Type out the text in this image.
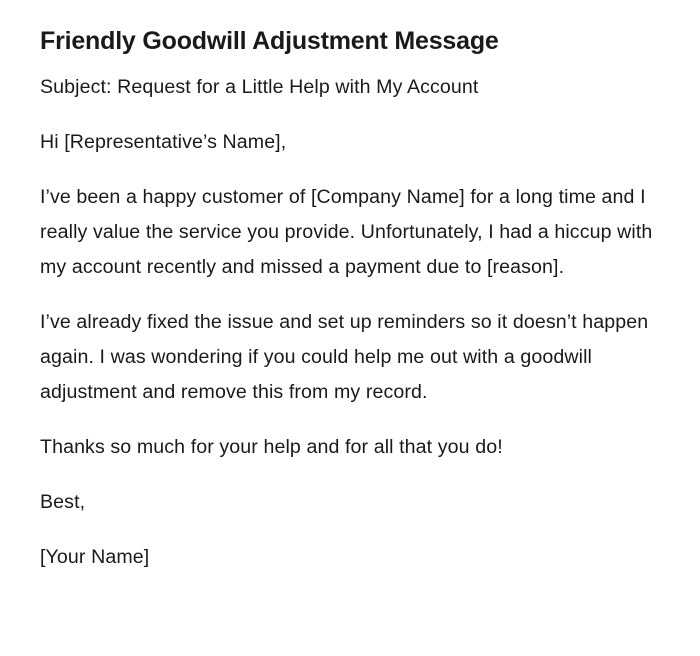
Friendly Goodwill Adjustment Message

Subject: Request for a Little Help with My Account

Hi [Representative’s Name],

I’ve been a happy customer of [Company Name] for a long time and I really value the service you provide. Unfortunately, I had a hiccup with my account recently and missed a payment due to [reason].

I’ve already fixed the issue and set up reminders so it doesn’t happen again. I was wondering if you could help me out with a goodwill adjustment and remove this from my record.

Thanks so much for your help and for all that you do!

Best,

[Your Name]
